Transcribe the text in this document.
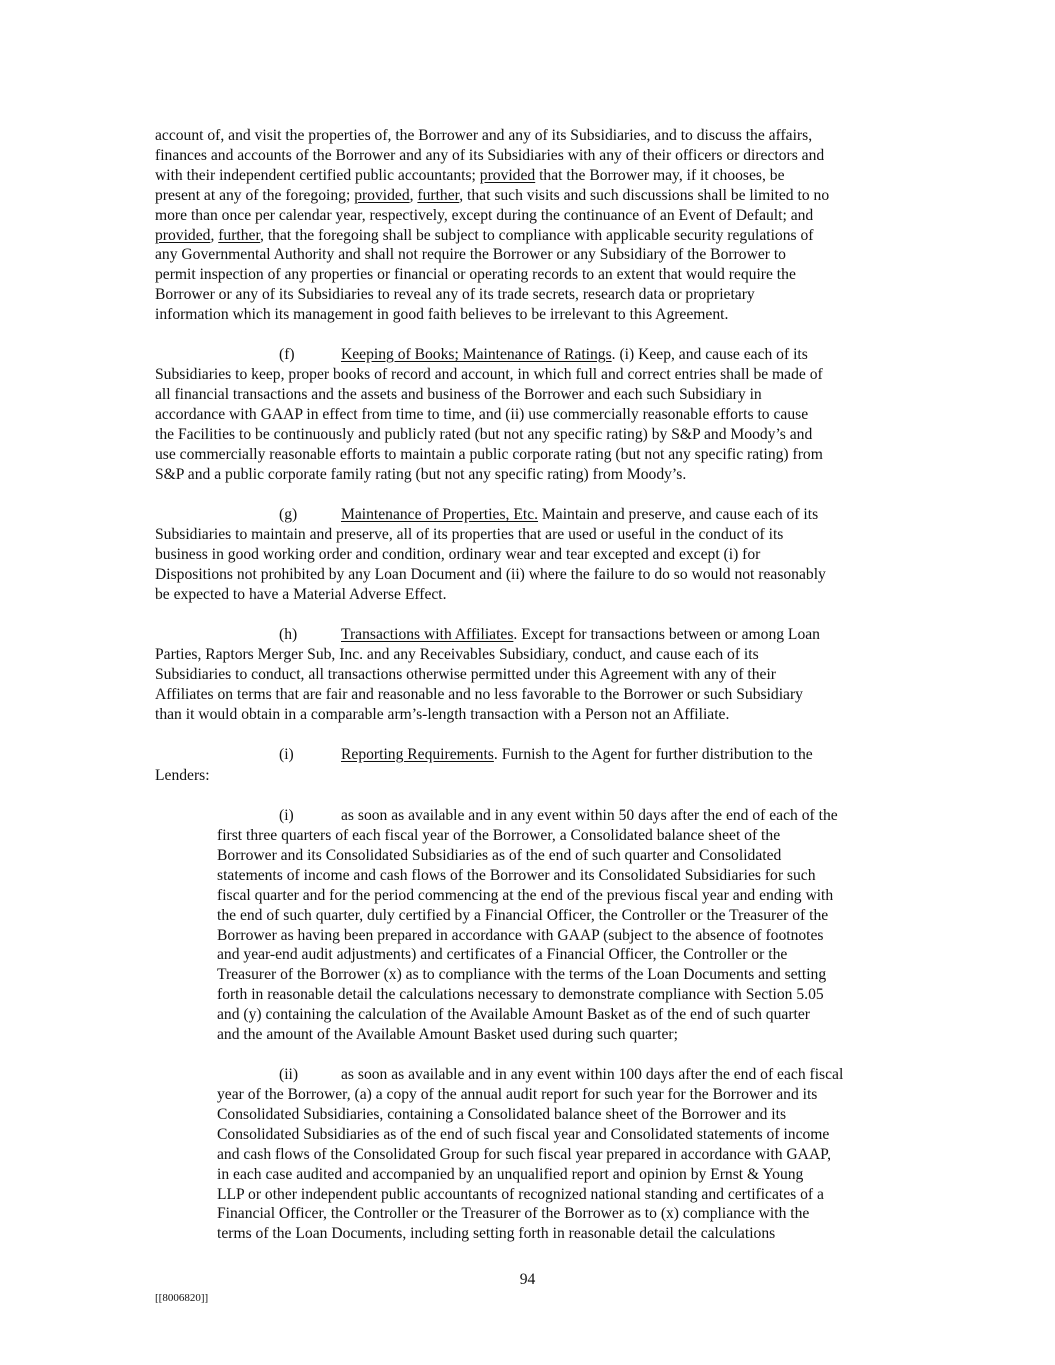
account of, and visit the properties of, the Borrower and any of its Subsidiaries, and to discuss the affairs,
finances and accounts of the Borrower and any of its Subsidiaries with any of their officers or directors and
with their independent certified public accountants; provided that the Borrower may, if it chooses, be
present at any of the foregoing; provided, further, that such visits and such discussions shall be limited to no
more than once per calendar year, respectively, except during the continuance of an Event of Default; and
provided, further, that the foregoing shall be subject to compliance with applicable security regulations of
any Governmental Authority and shall not require the Borrower or any Subsidiary of the Borrower to
permit inspection of any properties or financial or operating records to an extent that would require the
Borrower or any of its Subsidiaries to reveal any of its trade secrets, research data or proprietary
information which its management in good faith believes to be irrelevant to this Agreement.
(f)	Keeping of Books; Maintenance of Ratings. (i) Keep, and cause each of its
Subsidiaries to keep, proper books of record and account, in which full and correct entries shall be made of
all financial transactions and the assets and business of the Borrower and each such Subsidiary in
accordance with GAAP in effect from time to time, and (ii) use commercially reasonable efforts to cause
the Facilities to be continuously and publicly rated (but not any specific rating) by S&P and Moody’s and
use commercially reasonable efforts to maintain a public corporate rating (but not any specific rating) from
S&P and a public corporate family rating (but not any specific rating) from Moody’s.
(g)	Maintenance of Properties, Etc. Maintain and preserve, and cause each of its
Subsidiaries to maintain and preserve, all of its properties that are used or useful in the conduct of its
business in good working order and condition, ordinary wear and tear excepted and except (i) for
Dispositions not prohibited by any Loan Document and (ii) where the failure to do so would not reasonably
be expected to have a Material Adverse Effect.
(h)	Transactions with Affiliates. Except for transactions between or among Loan
Parties, Raptors Merger Sub, Inc. and any Receivables Subsidiary, conduct, and cause each of its
Subsidiaries to conduct, all transactions otherwise permitted under this Agreement with any of their
Affiliates on terms that are fair and reasonable and no less favorable to the Borrower or such Subsidiary
than it would obtain in a comparable arm’s-length transaction with a Person not an Affiliate.
(i)	Reporting Requirements. Furnish to the Agent for further distribution to the
Lenders:
(i)	as soon as available and in any event within 50 days after the end of each of the
first three quarters of each fiscal year of the Borrower, a Consolidated balance sheet of the
Borrower and its Consolidated Subsidiaries as of the end of such quarter and Consolidated
statements of income and cash flows of the Borrower and its Consolidated Subsidiaries for such
fiscal quarter and for the period commencing at the end of the previous fiscal year and ending with
the end of such quarter, duly certified by a Financial Officer, the Controller or the Treasurer of the
Borrower as having been prepared in accordance with GAAP (subject to the absence of footnotes
and year-end audit adjustments) and certificates of a Financial Officer, the Controller or the
Treasurer of the Borrower (x) as to compliance with the terms of the Loan Documents and setting
forth in reasonable detail the calculations necessary to demonstrate compliance with Section 5.05
and (y) containing the calculation of the Available Amount Basket as of the end of such quarter
and the amount of the Available Amount Basket used during such quarter;
(ii)	as soon as available and in any event within 100 days after the end of each fiscal
year of the Borrower, (a) a copy of the annual audit report for such year for the Borrower and its
Consolidated Subsidiaries, containing a Consolidated balance sheet of the Borrower and its
Consolidated Subsidiaries as of the end of such fiscal year and Consolidated statements of income
and cash flows of the Consolidated Group for such fiscal year prepared in accordance with GAAP,
in each case audited and accompanied by an unqualified report and opinion by Ernst & Young
LLP or other independent public accountants of recognized national standing and certificates of a
Financial Officer, the Controller or the Treasurer of the Borrower as to (x) compliance with the
terms of the Loan Documents, including setting forth in reasonable detail the calculations
94
[[8006820]]
